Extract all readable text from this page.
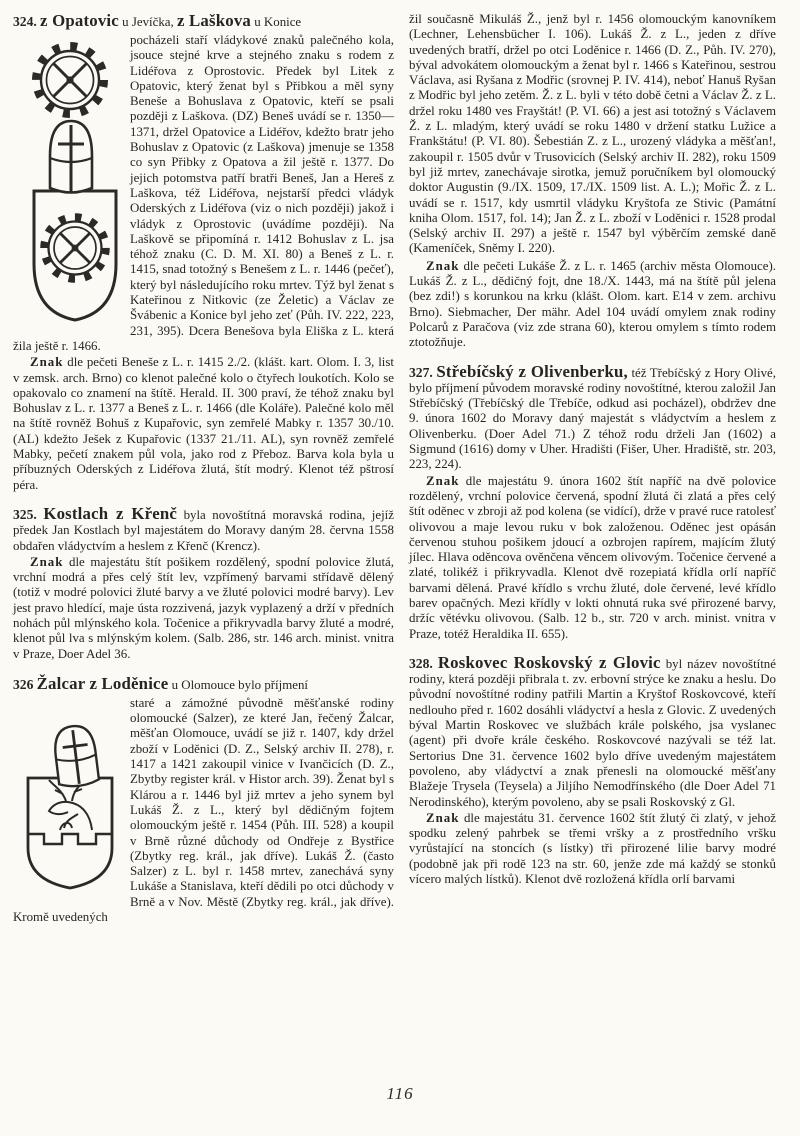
324. z Opatovic u Jevíčka, z Laškova u Konice

pocházeli staří vládykové znaků palečného kola, jsouce stejné krve a stejného znaku s rodem z Lidéřova z Oprostovic. Předek byl Litek z Opatovic, který ženat byl s Přibkou a měl syny Beneše a Bohuslava z Opatovic, kteří se psali později z Laškova. (DZ) Beneš uvádí se r. 1350—1371, držel Opatovice a Lidéřov, kdežto bratr jeho Bohuslav z Opatovic (z Laškova) jmenuje se 1358 co syn Přibky z Opatova a žil ještě r. 1377. Do jejich potomstva patří bratři Beneš, Jan a Hereš z Laškova, též Lidéřova, nejstarší předci vládyk Oderských z Lidéřova (viz o nich později) jakož i vládyk z Oprostovic (uvádíme později). Na Laškově se připomíná r. 1412 Bohuslav z L. jsa téhož znaku (C. D. M. XI. 80) a Beneš z L. r. 1415, snad totožný s Benešem z L. r. 1446 (pečeť), který byl následujícího roku mrtev. Týž byl ženat s Kateřinou z Nitkovic (ze Želetic) a Václav ze Švábenic a Konice byl jeho zeť (Půh. IV. 222, 223, 231, 395). Dcera Benešova byla Eliška z L. která žila ještě r. 1466.

Znak dle pečeti Beneše z L. r. 1415 2./2. (klášt. kart. Olom. I. 3, list v zemsk. arch. Brno) co klenot palečné kolo o čtyřech loukotích. Kolo se opakovalo co znamení na štítě. Herald. II. 300 praví, že téhož znaku byl Bohuslav z L. r. 1377 a Beneš z L. r. 1466 (dle Koláře). Palečné kolo měl na štítě rovněž Bohuš z Kupařovic, syn zemřelé Mabky r. 1357 30./10. (AL) kdežto Ješek z Kupařovic (1337 21./11. AL), syn rovněž zemřelé Mabky, pečetí znakem půl vola, jako rod z Přeboz. Barva kola byla u příbuzných Oderských z Lidéřova žlutá, štít modrý. Klenot též pštrosí péra.

325. Kostlach z Křenč byla novoštítná moravská rodina, jejíž předek Jan Kostlach byl majestátem do Moravy daným 28. června 1558 obdařen vládyctvím a heslem z Křenč (Krencz).

Znak dle majestátu štít pošikem rozdělený, spodní polovice žlutá, vrchní modrá a přes celý štít lev, vzpřímený barvami střídavě dělený (totiž v modré polovici žluté barvy a ve žluté polovici modré barvy). Lev jest pravo hledící, maje ústa rozzivená, jazyk vyplazený a drží v předních nohách půl mlýnského kola. Točenice a přikryvadla barvy žluté a modré, klenot půl lva s mlýnským kolem. (Salb. 286, str. 146 arch. minist. vnitra v Praze, Doer Adel 36.

326 Žalcar z Loděnice u Olomouce bylo příjmení

staré a zámožné původně měšťanské rodiny olomoucké (Salzer), ze které Jan, řečený Žalcar, měšťan Olomouce, uvádí se již r. 1407, kdy držel zboží v Loděnici (D. Z., Selský archiv II. 278), r. 1417 a 1421 zakoupil vinice v Ivančicích (D. Z., Zbytby register král. v Histor arch. 39). Ženat byl s Klárou a r. 1446 byl již mrtev a jeho synem byl Lukáš Ž. z L., který byl dědičným fojtem olomouckým ještě r. 1454 (Půh. III. 528) a koupil v Brně různé důchody od Ondřeje z Bystřice (Zbytky reg. král., jak dříve). Lukáš Ž. (často Salzer) z L. byl r. 1458 mrtev, zanechává syny Lukáše a Stanislava, kteří dědili po otci důchody v Brně a v Nov. Městě (Zbytky reg. král., jak dříve). Kromě uvedených

žil současně Mikuláš Ž., jenž byl r. 1456 olomouckým kanovníkem (Lechner, Lehensbücher I. 106). Lukáš Ž. z L., jeden z dříve uvedených bratří, držel po otci Loděnice r. 1466 (D. Z., Půh. IV. 270), býval advokátem olomouckým a ženat byl r. 1466 s Kateřinou, sestrou Václava, asi Ryšana z Modřic (srovnej P. IV. 414), neboť Hanuš Ryšan z Modřic byl jeho zetěm. Ž. z L. byli v této době četni a Václav Ž. z L. držel roku 1480 ves Frayštát! (P. VI. 66) a jest asi totožný s Václavem Ž. z L. mladým, který uvádí se roku 1480 v držení statku Lužice a Frankštátu! (P. VI. 80). Šebestián Z. z L., urozený vládyka a měšťan!, zakoupil r. 1505 dvůr v Trusovicích (Selský archiv II. 282), roku 1509 byl již mrtev, zanechávaje sirotka, jemuž poručníkem byl olomoucký doktor Augustin (9./IX. 1509, 17./IX. 1509 list. A. L.); Mořic Ž. z L. uvádí se r. 1517, kdy usmrtil vládyku Kryštofa ze Stivic (Památní kniha Olom. 1517, fol. 14); Jan Ž. z L. zboží v Loděnici r. 1528 prodal (Selský archiv II. 297) a ještě r. 1547 byl výběrčím zemské daně (Kameníček, Sněmy I. 220).

Znak dle pečeti Lukáše Ž. z L. r. 1465 (archiv města Olomouce). Lukáš Ž. z L., dědičný fojt, dne 18./X. 1443, má na štítě půl jelena (bez zdi!) s korunkou na krku (klášt. Olom. kart. E14 v zem. archivu Brno). Siebmacher, Der mähr. Adel 104 uvádí omylem znak rodiny Polcarů z Paračova (viz zde strana 60), kterou omylem s tímto rodem ztotožňuje.

327. Střebíčský z Olivenberku, též Třebíčský z Hory Olivé, bylo příjmení původem moravské rodiny novoštítné, kterou založil Jan Střebíčský (Třebíčský dle Třebíče, odkud asi pocházel), obdržev dne 9. února 1602 do Moravy daný majestát s vládyctvím a heslem z Olivenberku. (Doer Adel 71.) Z téhož rodu drželi Jan (1602) a Sigmund (1616) domy v Uher. Hradišti (Fišer, Uher. Hradiště, str. 203, 223, 224).

Znak dle majestátu 9. února 1602 štít napříč na dvě polovice rozdělený, vrchní polovice červená, spodní žlutá či zlatá a přes celý štít oděnec v zbroji až pod kolena (se vidící), drže v pravé ruce ratolesť olivovou a maje levou ruku v bok založenou. Oděnec jest opásán červenou stuhou pošikem jdoucí a ozbrojen rapírem, majícím žlutý jílec. Hlava oděncova ověnčena věncem olivovým. Točenice červené a zlaté, tolikéž i přikryvadla. Klenot dvě rozepiatá křídla orlí napříč barvami dělená. Pravé křídlo s vrchu žluté, dole červené, levé křídlo barev opačných. Mezi křídly v lokti ohnutá ruka své přirozené barvy, držíc větévku olivovou. (Salb. 12 b., str. 720 v arch. minist. vnitra v Praze, totéž Heraldika II. 655).

328. Roskovec Roskovský z Glovic byl název novoštítné rodiny, která později přibrala t. zv. erbovní strýce ke znaku a heslu. Do původní novoštítné rodiny patřili Martin a Kryštof Roskovcové, kteří nedlouho před r. 1602 dosáhli vládyctví a hesla z Glovic. Z uvedených býval Martin Roskovec ve službách krále polského, jsa vyslanec (agent) při dvoře krále českého. Roskovcové nazývali se též lat. Sertorius Dne 31. července 1602 bylo dříve uvedeným majestátem povoleno, aby vládyctví a znak přenesli na olomoucké měšťany Blažeje Trysela (Teysela) a Jiljího Nemodřínského (dle Doer Adel 71 Nerodinského), kterým povoleno, aby se psali Roskovský z Gl.

Znak dle majestátu 31. července 1602 štít žlutý či zlatý, v jehož spodku zelený pahrbek se třemi vršky a z prostředního vršku vyrůstající na stoncích (s lístky) tři přirozené lilie barvy modré (podobně jak při rodě 123 na str. 60, jenže zde má každý se stonků vícero malých lístků). Klenot dvě rozložená křídla orlí barvami

116
